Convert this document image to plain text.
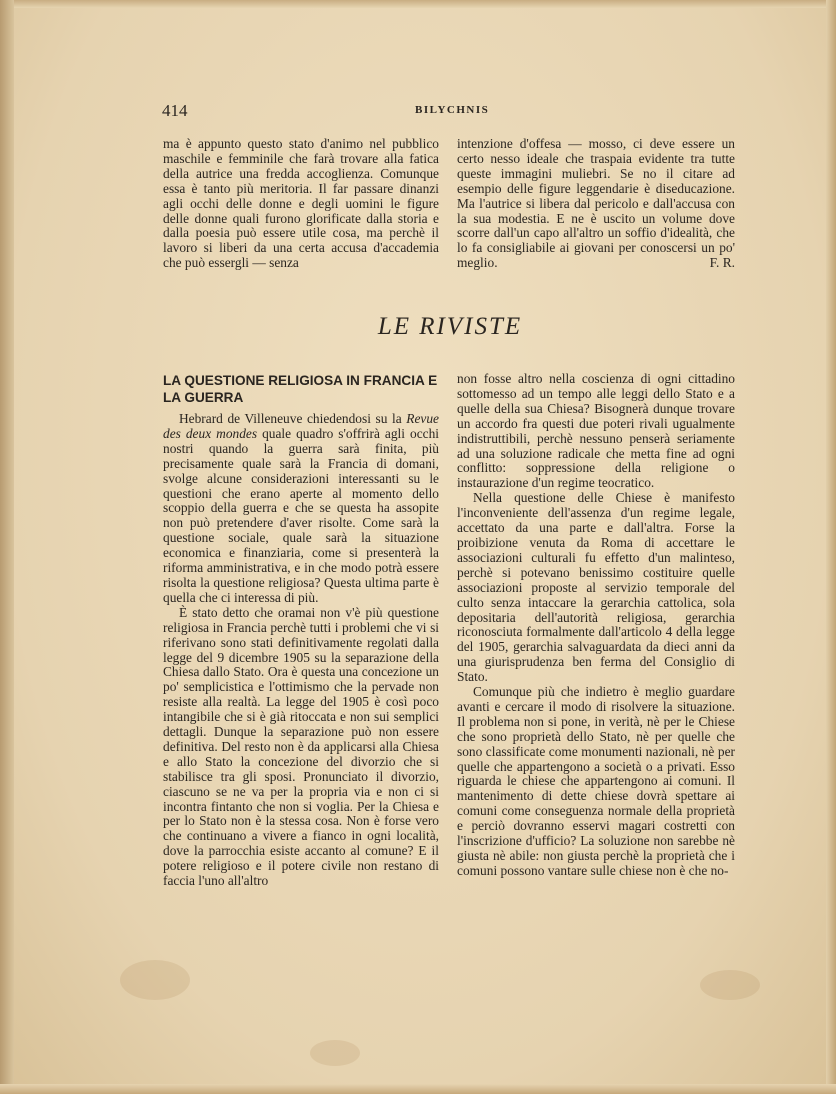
414	BILYCHNIS

ma è appunto questo stato d'animo nel pubblico maschile e femminile che farà trovare alla fatica della autrice una fredda accoglienza. Comunque essa è tanto più meritoria. Il far passare dinanzi agli occhi delle donne e degli uomini le figure delle donne quali furono glorificate dalla storia e dalla poesia può essere utile cosa, ma perchè il lavoro si liberi da una certa accusa d'accademia che può essergli — senza

intenzione d'offesa — mosso, ci deve essere un certo nesso ideale che traspaia evidente tra tutte queste immagini muliebri. Se no il citare ad esempio delle figure leggendarie è diseducazione. Ma l'autrice si libera dal pericolo e dall'accusa con la sua modestia. E ne è uscito un volume dove scorre dall'un capo all'altro un soffio d'idealità, che lo fa consigliabile ai giovani per conoscersi un po' meglio.	F. R.
LE RIVISTE
LA QUESTIONE RELIGIOSA IN FRANCIA E LA GUERRA

Hebrard de Villeneuve chiedendosi su la Revue des deux mondes quale quadro s'offrirà agli occhi nostri quando la guerra sarà finita, più precisamente quale sarà la Francia di domani, svolge alcune considerazioni interessanti su le questioni che erano aperte al momento dello scoppio della guerra e che se questa ha assopite non può pretendere d'aver risolte. Come sarà la questione sociale, quale sarà la situazione economica e finanziaria, come si presenterà la riforma amministrativa, e in che modo potrà essere risolta la questione religiosa? Questa ultima parte è quella che ci interessa di più.

È stato detto che oramai non v'è più questione religiosa in Francia perchè tutti i problemi che vi si riferivano sono stati definitivamente regolati dalla legge del 9 dicembre 1905 su la separazione della Chiesa dallo Stato. Ora è questa una concezione un po' semplicistica e l'ottimismo che la pervade non resiste alla realtà. La legge del 1905 è così poco intangibile che si è già ritoccata e non sui semplici dettagli. Dunque la separazione può non essere definitiva. Del resto non è da applicarsi alla Chiesa e allo Stato la concezione del divorzio che si stabilisce tra gli sposi. Pronunciato il divorzio, ciascuno se ne va per la propria via e non ci si incontra fintanto che non si voglia. Per la Chiesa e per lo Stato non è la stessa cosa. Non è forse vero che continuano a vivere a fianco in ogni località, dove la parrocchia esiste accanto al comune? E il potere religioso e il potere civile non restano di faccia l'uno all'altro

non fosse altro nella coscienza di ogni cittadino sottomesso ad un tempo alle leggi dello Stato e a quelle della sua Chiesa? Bisognerà dunque trovare un accordo fra questi due poteri rivali ugualmente indistruttibili, perchè nessuno penserà seriamente ad una soluzione radicale che metta fine ad ogni conflitto: soppressione della religione o instaurazione d'un regime teocratico.

Nella questione delle Chiese è manifesto l'inconveniente dell'assenza d'un regime legale, accettato da una parte e dall'altra. Forse la proibizione venuta da Roma di accettare le associazioni culturali fu effetto d'un malinteso, perchè si potevano benissimo costituire quelle associazioni proposte al servizio temporale del culto senza intaccare la gerarchia cattolica, sola depositaria dell'autorità religiosa, gerarchia riconosciuta formalmente dall'articolo 4 della legge del 1905, gerarchia salvaguardata da dieci anni da una giurisprudenza ben ferma del Consiglio di Stato.

Comunque più che indietro è meglio guardare avanti e cercare il modo di risolvere la situazione. Il problema non si pone, in verità, nè per le Chiese che sono proprietà dello Stato, nè per quelle che sono classificate come monumenti nazionali, nè per quelle che appartengono a società o a privati. Esso riguarda le chiese che appartengono ai comuni. Il mantenimento di dette chiese dovrà spettare ai comuni come conseguenza normale della proprietà e perciò dovranno esservi magari costretti con l'inscrizione d'ufficio? La soluzione non sarebbe nè giusta nè abile: non giusta perchè la proprietà che i comuni possono vantare sulle chiese non è che no-
